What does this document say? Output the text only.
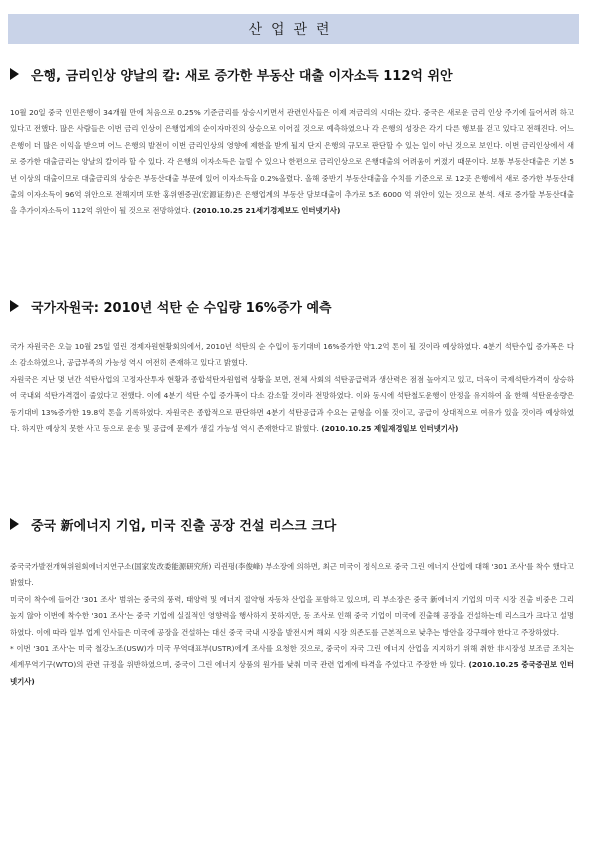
산업관련
은행, 금리인상 양날의 칼: 새로 증가한 부동산 대출 이자소득 112억 위안

10월 20일 중국 인민은행이 34개월 만에 처음으로 0.25% 기준금리를 상승시키면서 관련인사들은 이제 저금리의 시대는 갔다. 중국은 새로운 금리 인상 주기에 들어서려 하고 있다고 전했다. 많은 사람들은 이번 금리 인상이 은행업계의 순이자마진의 상승으로 이어질 것으로 예측하였으나 각 은행의 성장은 각기 다른 행보를 걷고 있다고 전해진다. 어느 은행이 더 많은 이익을 받으며 어느 은행의 발전이 이번 금리인상의 영향에 제한을 받게 될지 단지 은행의 규모로 판단할 수 있는 일이 아닌 것으로 보인다. 이번 금리인상에서 새로 증가한 대출금리는 양날의 칼이라 할 수 있다. 각 은행의 이자소득은 늘릴 수 있으나 한편으로 금리인상으로 은행대출의 어려움이 커졌기 때문이다. 보통 부동산대출은 기본 5년 이상의 대출이므로 대출금리의 상승은 부동산대출 부문에 있어 이자소득을 0.2%올렸다. 올해 중반기 부동산대출을 수치를 기준으로 로 12곳 은행에서 새로 증가한 부동산대출의 이자소득이 96억 위안으로 전해지며 또한 홍위엔증권(宏源证券)은 은행업계의 부동산 담보대출이 추가로 5조 6000 억 위안이 있는 것으로 분석. 새로 증가할 부동산대출을 추가이자소득이 112억 위안이 될 것으로 전망하였다. (2010.10.25 21세기경제보도 인터넷기사)

국가자원국: 2010년 석탄 순 수입량 16%증가 예측

국가 자원국은 오늘 10월 25일 열린 경제자원현황회의에서, 2010년 석탄의 순 수입이 동기대비 16%증가한 약1.2억 톤이 될 것이라 예상하였다. 4분기 석탄수입 증가폭은 다소 감소하였으나, 공급부족의 가능성 역시 여전히 존재하고 있다고 밝혔다.

자원국은 지난 몇 년간 석탄사업의 고정자산투자 현황과 종합석탄자원협력 상황을 보면, 전체 사회의 석탄공급력과 생산력은 점점 높아지고 있고, 더욱이 국제석탄가격이 상승하여 국내외 석탄가격갭이 줄었다고 전했다. 이에 4분기 석탄 수입 증가폭이 다소 감소할 것이라 전망하였다. 이와 동시에 석탄철도운행이 안정을 유지하여 올 한해 석탄운송량은 동기대비 13%증가한 19.8억 톤을 기록하였다. 자원국은 종합적으로 판단하면 4분기 석탄공급과 수요는 균형을 이룰 것이고, 공급이 상대적으로 여유가 있을 것이라 예상하였다. 하지만 예상치 못한 사고 등으로 운송 및 공급에 문제가 생길 가능성 역시 존재한다고 밝혔다. (2010.10.25 제일재경일보 인터넷기사)

중국 新에너지 기업, 미국 진출 공장 건설 리스크 크다

중국국가발전개혁위원회에너지연구소(国家发改委能源研究所) 리쥔펑(李俊峰) 부소장에 의하면, 최근 미국이 정식으로 중국 그린 에너지 산업에 대해 '301 조사'를 착수 했다고 밝혔다.

미국이 착수에 들어간 '301 조사' 범위는 중국의 풍력, 태양력 및 에너지 절약형 자동차 산업을 포함하고 있으며, 리 부소장은 중국 新에너지 기업의 미국 시장 진출 비중은 그리 높지 않아 이번에 착수한 '301 조사'는 중국 기업에 실질적인 영향력을 행사하지 못하지만, 동 조사로 인해 중국 기업이 미국에 진출해 공장을 건설하는데 리스크가 크다고 설명하였다. 이에 따라 일부 업계 인사들은 미국에 공장을 건설하는 대신 중국 국내 시장을 발전시켜 해외 시장 의존도를 근본적으로 낮추는 방안을 강구해야 한다고 주장하였다.

* 이번 '301 조사'는 미국 철강노조(USW)가 미국 무역대표부(USTR)에게 조사를 요청한 것으로, 중국이 자국 그린 에너지 산업을 지지하기 위해 취한 非시장성 보조금 조치는 세계무역기구(WTO)의 관련 규정을 위반하였으며, 중국이 그린 에너지 상품의 원가를 낮춰 미국 관련 업계에 타격을 주었다고 주장한 바 있다. (2010.10.25 중국증권보 인터넷기사)
